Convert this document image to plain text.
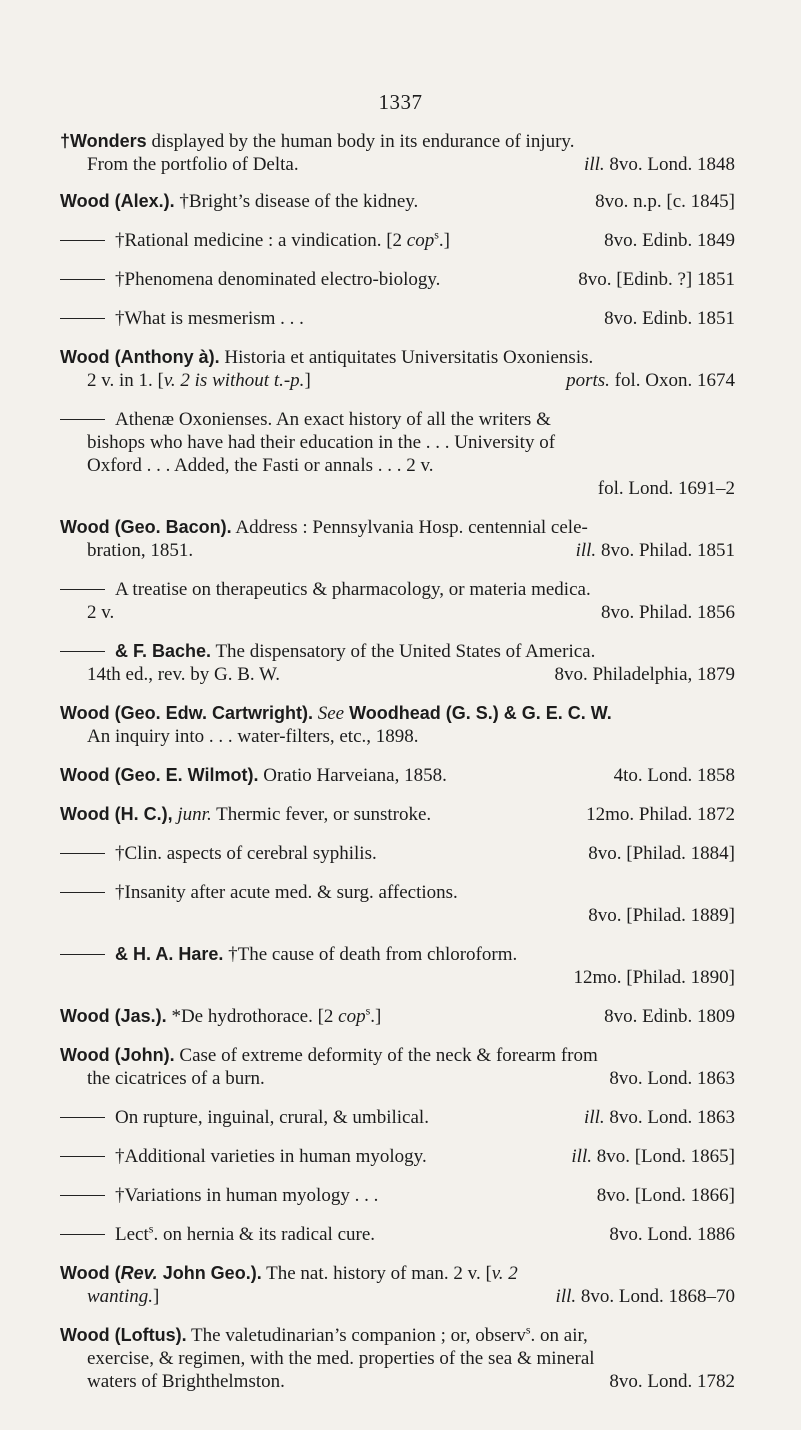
1337
†Wonders displayed by the human body in its endurance of injury.
From the portfolio of Delta.	ill. 8vo. Lond. 1848
Wood (Alex.). †Bright’s disease of the kidney.	8vo. n.p. [c. 1845]
†Rational medicine : a vindication. [2 cop$^s$.]	8vo. Edinb. 1849
†Phenomena denominated electro-biology.	8vo. [Edinb. ?] 1851
†What is mesmerism . . .	8vo. Edinb. 1851
Wood (Anthony à). Historia et antiquitates Universitatis Oxoniensis.
2 v. in 1. [v. 2 is without t.-p.]	ports. fol. Oxon. 1674
Athenæ Oxonienses. An exact history of all the writers &
bishops who have had their education in the . . . University of
Oxford . . . Added, the Fasti or annals . . . 2 v.
fol. Lond. 1691–2
Wood (Geo. Bacon). Address : Pennsylvania Hosp. centennial cele-
bration, 1851.	ill. 8vo. Philad. 1851
A treatise on therapeutics & pharmacology, or materia medica.
2 v.	8vo. Philad. 1856
& F. Bache. The dispensatory of the United States of America.
14th ed., rev. by G. B. W.	8vo. Philadelphia, 1879
Wood (Geo. Edw. Cartwright). See Woodhead (G. S.) & G. E. C. W.
An inquiry into . . . water-filters, etc., 1898.
Wood (Geo. E. Wilmot). Oratio Harveiana, 1858.	4to. Lond. 1858
Wood (H. C.), junr. Thermic fever, or sunstroke.	12mo. Philad. 1872
†Clin. aspects of cerebral syphilis.	8vo. [Philad. 1884]
†Insanity after acute med. & surg. affections.
8vo. [Philad. 1889]
& H. A. Hare. †The cause of death from chloroform.
12mo. [Philad. 1890]
Wood (Jas.). *De hydrothorace. [2 cop$^s$.]	8vo. Edinb. 1809
Wood (John). Case of extreme deformity of the neck & forearm from
the cicatrices of a burn.	8vo. Lond. 1863
On rupture, inguinal, crural, & umbilical.	ill. 8vo. Lond. 1863
†Additional varieties in human myology.	ill. 8vo. [Lond. 1865]
†Variations in human myology . . .	8vo. [Lond. 1866]
Lect$^s$. on hernia & its radical cure.	8vo. Lond. 1886
Wood (Rev. John Geo.). The nat. history of man. 2 v. [v. 2
wanting.]	ill. 8vo. Lond. 1868–70
Wood (Loftus). The valetudinarian’s companion ; or, observ$^s$. on air,
exercise, & regimen, with the med. properties of the sea & mineral
waters of Brighthelmston.	8vo. Lond. 1782
